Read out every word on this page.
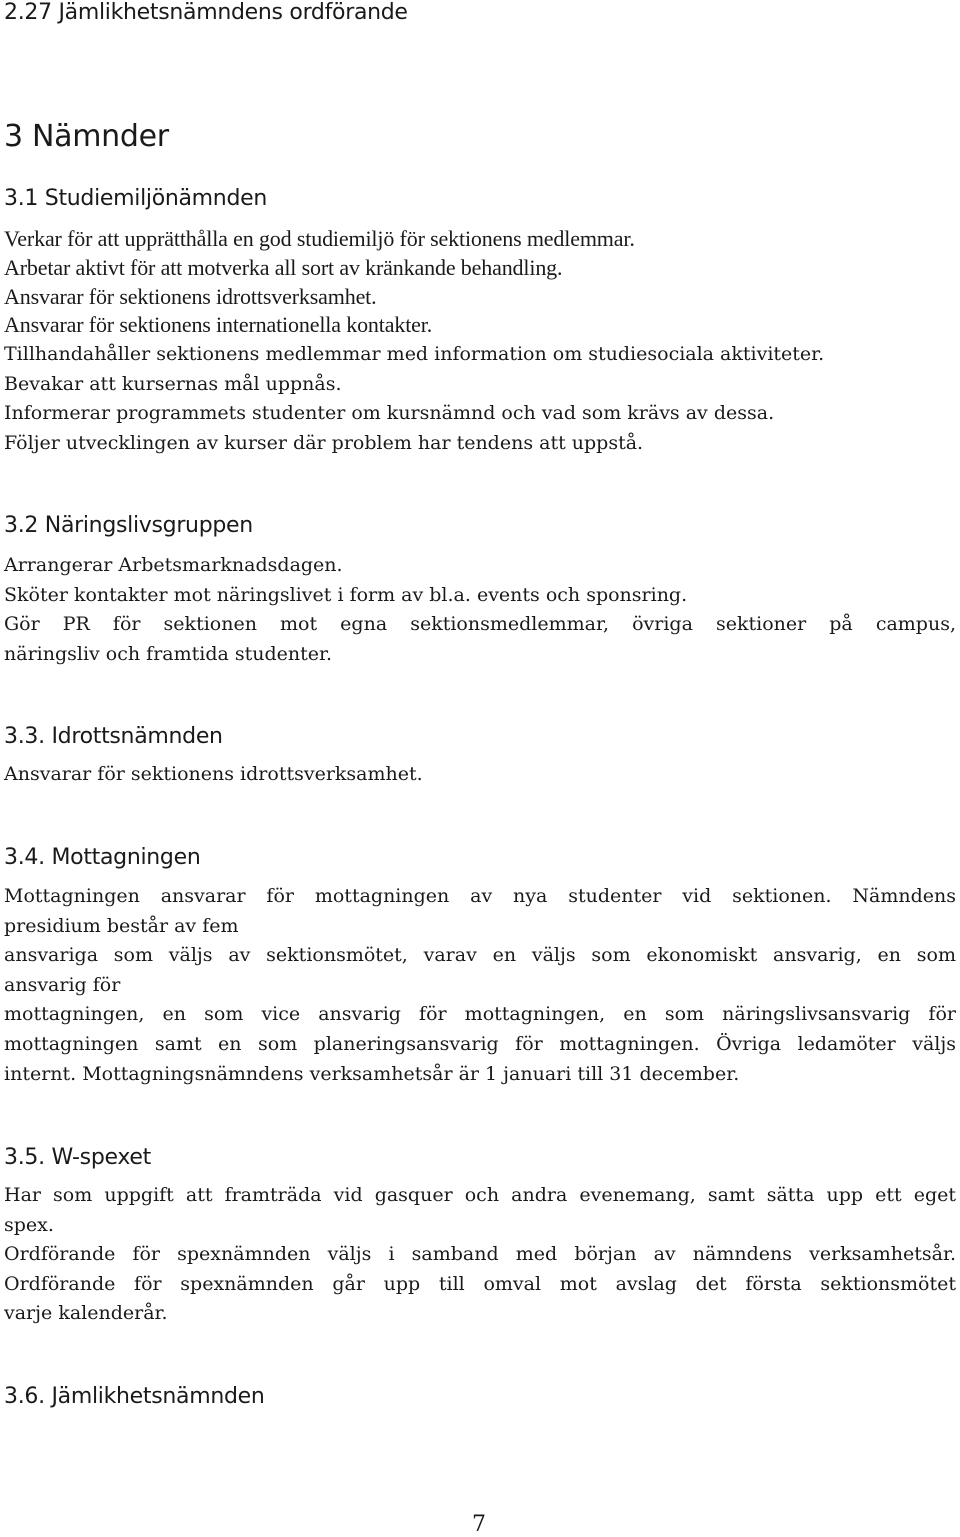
2.27 Jämlikhetsnämndens ordförande
3 Nämnder
3.1 Studiemiljönämnden
Verkar för att upprätthålla en god studiemiljö för sektionens medlemmar.
Arbetar aktivt för att motverka all sort av kränkande behandling.
Ansvarar för sektionens idrottsverksamhet.
Ansvarar för sektionens internationella kontakter.
Tillhandahåller sektionens medlemmar med information om studiesociala aktiviteter.
Bevakar att kursernas mål uppnås.
Informerar programmets studenter om kursnämnd och vad som krävs av dessa.
Följer utvecklingen av kurser där problem har tendens att uppstå.
3.2 Näringslivsgruppen
Arrangerar Arbetsmarknadsdagen.
Sköter kontakter mot näringslivet i form av bl.a. events och sponsring.
Gör PR för sektionen mot egna sektionsmedlemmar, övriga sektioner på campus,
näringsliv och framtida studenter.
3.3. Idrottsnämnden
Ansvarar för sektionens idrottsverksamhet.
3.4. Mottagningen
Mottagningen ansvarar för mottagningen av nya studenter vid sektionen. Nämndens
presidium består av fem
ansvariga som väljs av sektionsmötet, varav en väljs som ekonomiskt ansvarig, en som
ansvarig för
mottagningen, en som vice ansvarig för mottagningen, en som näringslivsansvarig för
mottagningen samt en som planeringsansvarig för mottagningen. Övriga ledamöter väljs
internt. Mottagningsnämndens verksamhetsår är 1 januari till 31 december.
3.5. W-spexet
Har som uppgift att framträda vid gasquer och andra evenemang, samt sätta upp ett eget
spex.
Ordförande för spexnämnden väljs i samband med början av nämndens verksamhetsår.
Ordförande för spexnämnden går upp till omval mot avslag det första sektionsmötet
varje kalenderår.
3.6. Jämlikhetsnämnden
7
